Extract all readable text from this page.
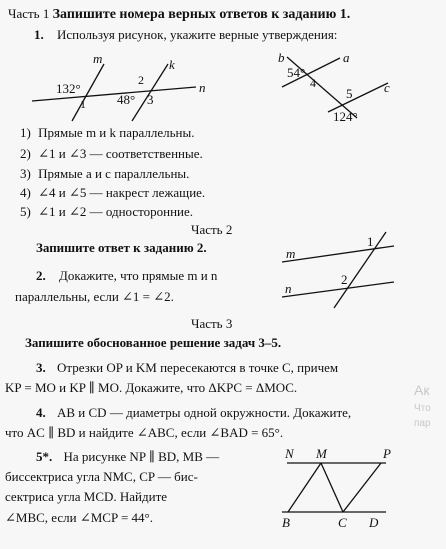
Часть 1 Запишите номера верных ответов к заданию 1.
1. Используя рисунок, укажите верные утверждения:
m	k
n
132°
1
2
48° 3
b	a
c
54°
4
5
124°
1) Прямые m и k параллельны.
2) ∠1 и ∠3 — соответственные.
3) Прямые a и c параллельны.
4) ∠4 и ∠5 — накрест лежащие.
5) ∠1 и ∠2 — односторонние.
Часть 2
Запишите ответ к заданию 2.
2. Докажите, что прямые m и n
параллельны, если ∠1 = ∠2.
m
n
1
2
Часть 3
Запишите обоснованное решение задач 3–5.
3. Отрезки OP и KM пересекаются в точке C, причем
KP = MO и KP ∥ MO. Докажите, что ΔKPC = ΔMOC.
4. AB и CD — диаметры одной окружности. Докажите,
что AC ∥ BD и найдите ∠ABC, если ∠BAD = 65°.
5*. На рисунке NP ∥ BD, MB —
биссектриса угла NMC, CP — бис-
сектриса угла MCD. Найдите
∠MBC, если ∠MCP = 44°.
N M	P
B	C D
Ак
Что
пар
